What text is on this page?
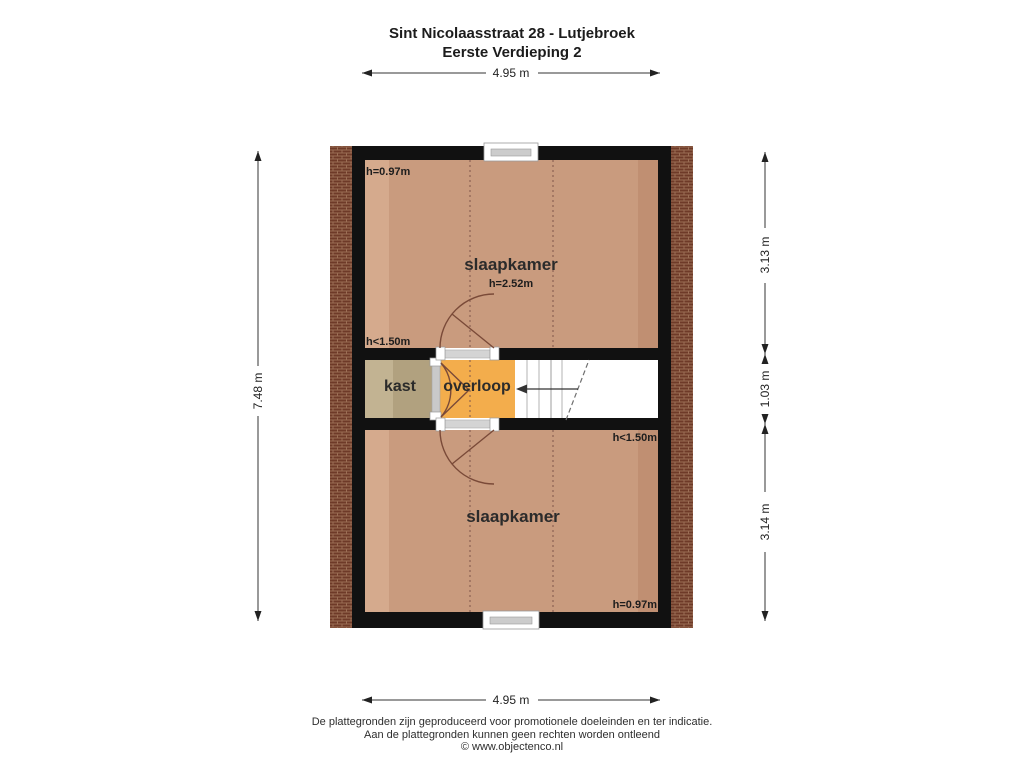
Sint Nicolaasstraat 28 - Lutjebroek
Eerste Verdieping 2
slaapkamer
h=2.52m
slaapkamer
kast overloop
h=0.97m
h<1.50m
h<1.50m
h=0.97m
4.95 m
4.95 m
7.48 m
3.13 m
1.03 m
3.14 m
De plattegronden zijn geproduceerd voor promotionele doeleinden en ter indicatie.
Aan de plattegronden kunnen geen rechten worden ontleend
© www.objectenco.nl
